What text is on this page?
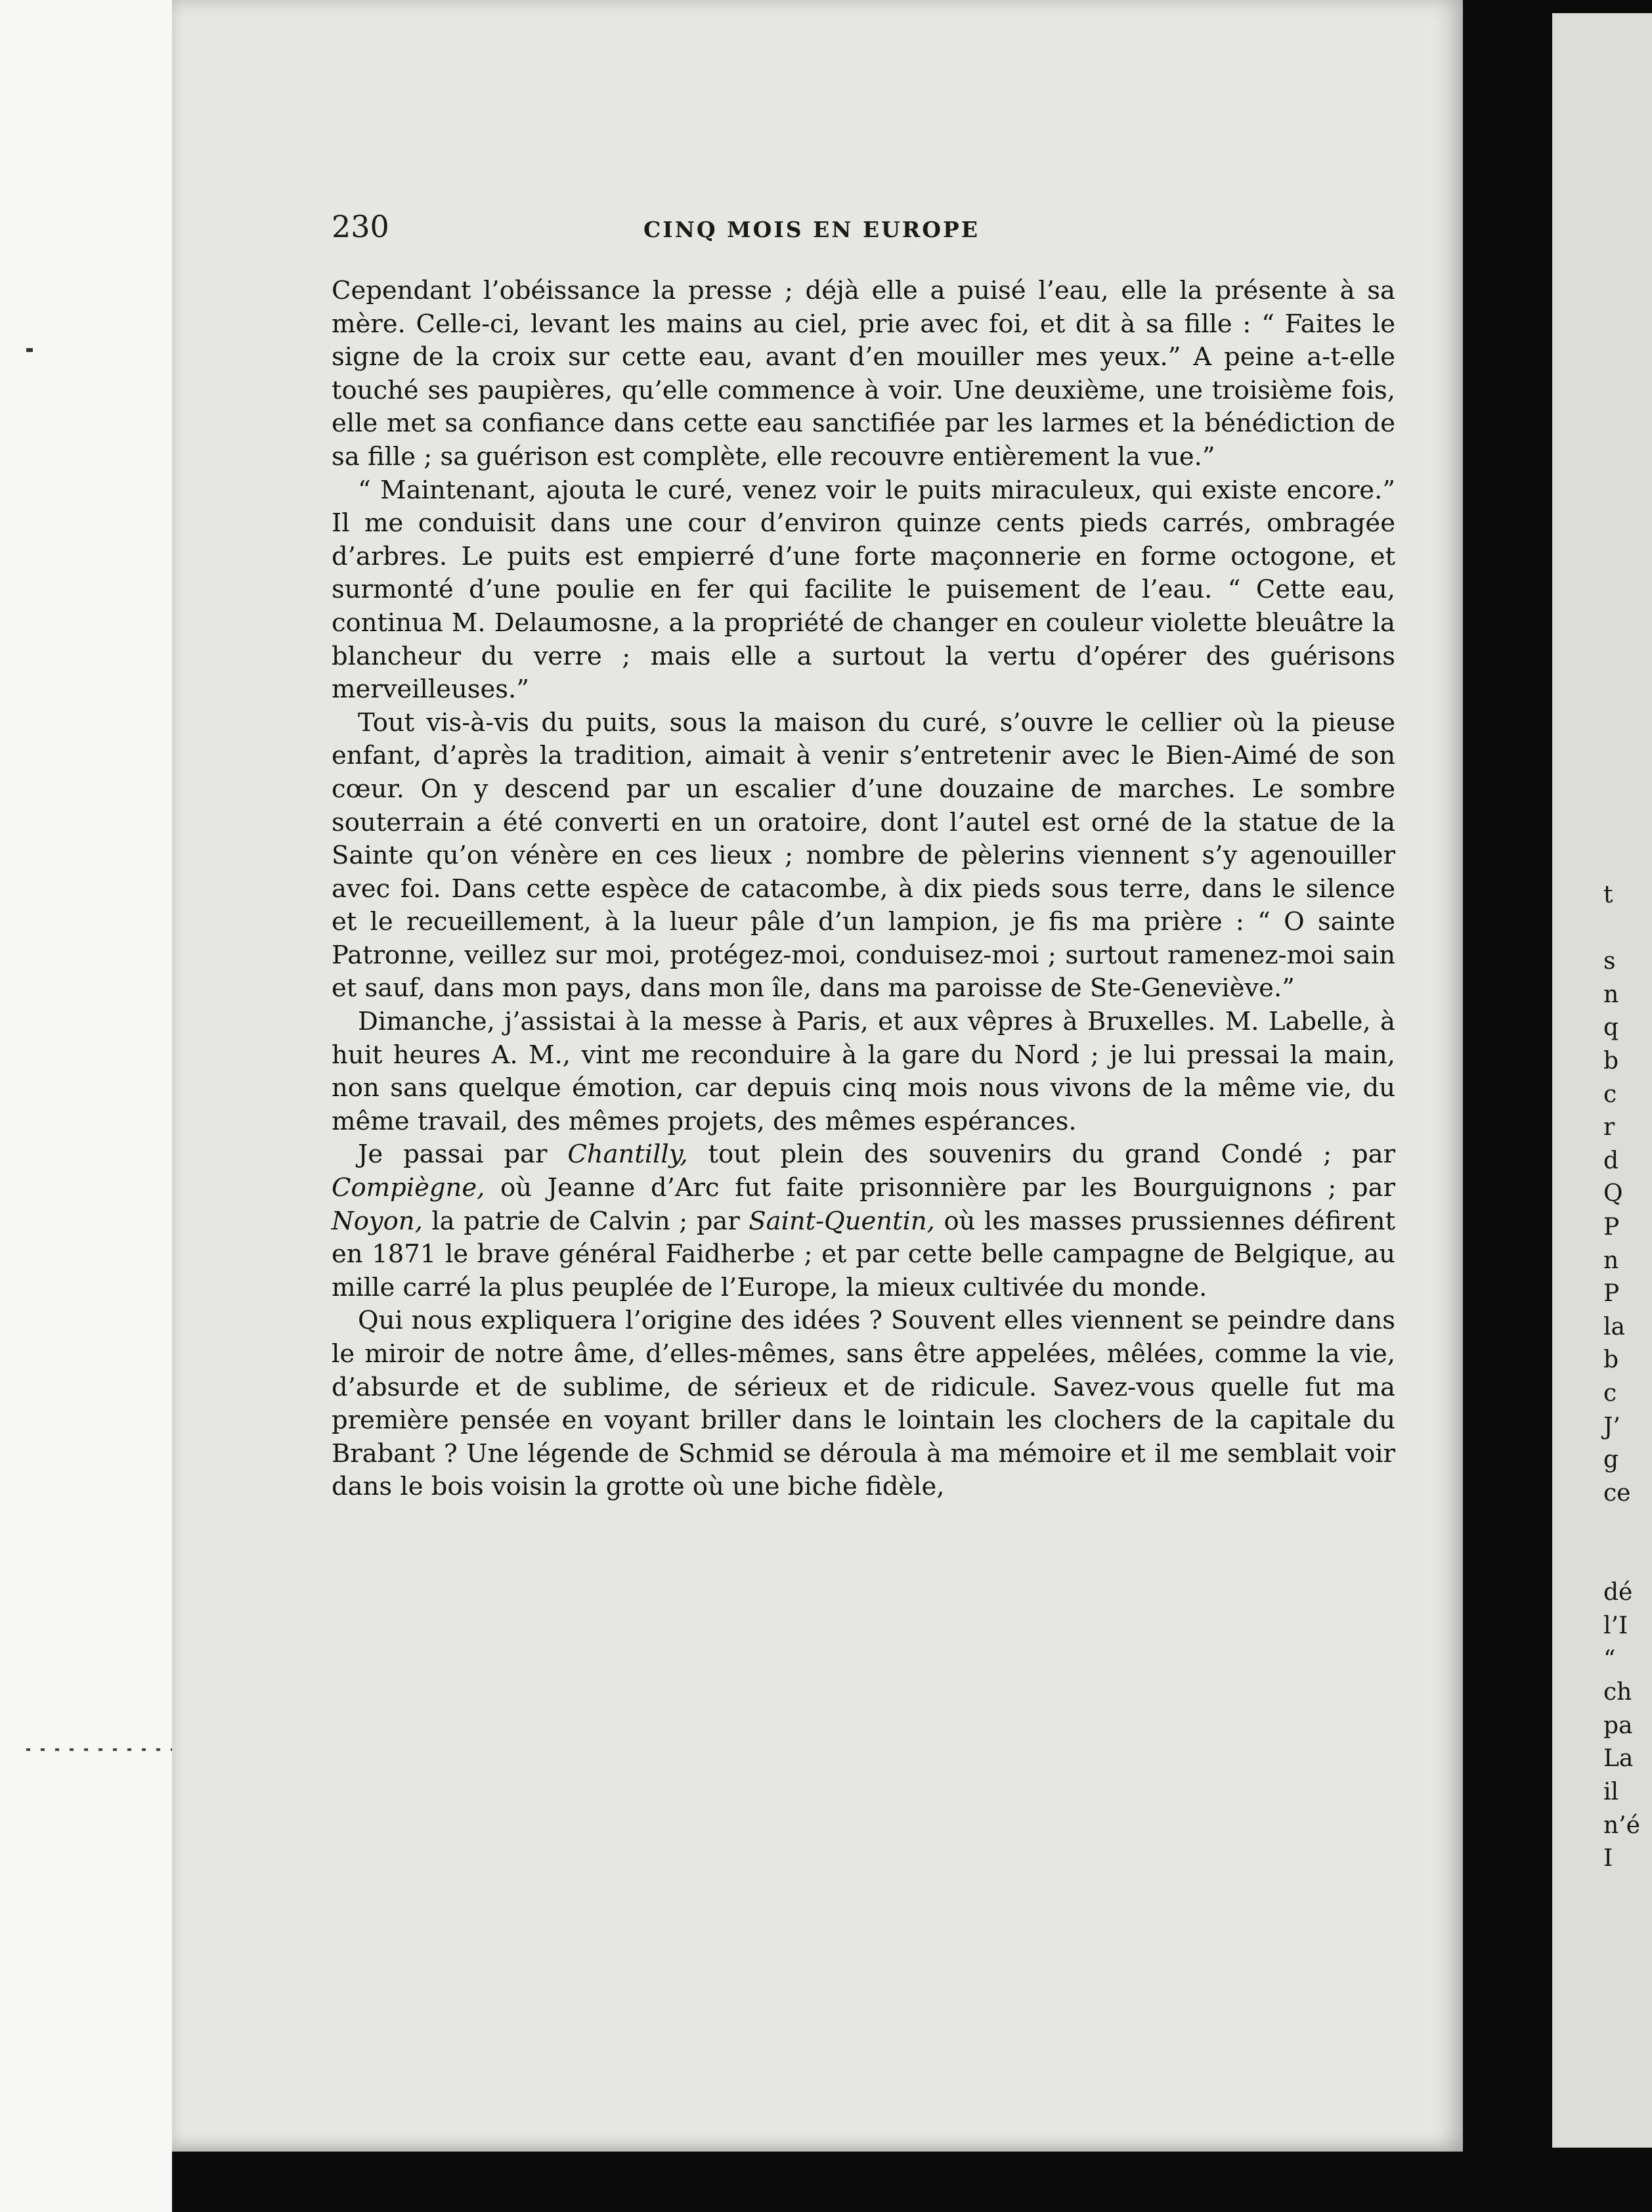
230	CINQ MOIS EN EUROPE

Cependant l’obéissance la presse ; déjà elle a puisé l’eau, elle la présente à sa mère. Celle-ci, levant les mains au ciel, prie avec foi, et dit à sa fille : “ Faites le signe de la croix sur cette eau, avant d’en mouiller mes yeux.” A peine a-t-elle touché ses paupières, qu’elle commence à voir. Une deuxième, une troisième fois, elle met sa confiance dans cette eau sanctifiée par les larmes et la bénédiction de sa fille ; sa guérison est complète, elle recouvre entièrement la vue.”

“ Maintenant, ajouta le curé, venez voir le puits miraculeux, qui existe encore.” Il me conduisit dans une cour d’environ quinze cents pieds carrés, ombragée d’arbres. Le puits est empierré d’une forte maçonnerie en forme octogone, et surmonté d’une poulie en fer qui facilite le puisement de l’eau. “ Cette eau, continua M. Delaumosne, a la propriété de changer en couleur violette bleuâtre la blancheur du verre ; mais elle a surtout la vertu d’opérer des guérisons merveilleuses.”

Tout vis-à-vis du puits, sous la maison du curé, s’ouvre le cellier où la pieuse enfant, d’après la tradition, aimait à venir s’entretenir avec le Bien-Aimé de son cœur. On y descend par un escalier d’une douzaine de marches. Le sombre souterrain a été converti en un oratoire, dont l’autel est orné de la statue de la Sainte qu’on vénère en ces lieux ; nombre de pèlerins viennent s’y agenouiller avec foi. Dans cette espèce de catacombe, à dix pieds sous terre, dans le silence et le recueillement, à la lueur pâle d’un lampion, je fis ma prière : “ O sainte Patronne, veillez sur moi, protégez-moi, conduisez-moi ; surtout ramenez-moi sain et sauf, dans mon pays, dans mon île, dans ma paroisse de Ste-Geneviève.”

Dimanche, j’assistai à la messe à Paris, et aux vêpres à Bruxelles. M. Labelle, à huit heures A. M., vint me reconduire à la gare du Nord ; je lui pressai la main, non sans quelque émotion, car depuis cinq mois nous vivons de la même vie, du même travail, des mêmes projets, des mêmes espérances.

Je passai par Chantilly, tout plein des souvenirs du grand Condé ; par Compiègne, où Jeanne d’Arc fut faite prisonnière par les Bourguignons ; par Noyon, la patrie de Calvin ; par Saint-Quentin, où les masses prussiennes défirent en 1871 le brave général Faidherbe ; et par cette belle campagne de Belgique, au mille carré la plus peuplée de l’Europe, la mieux cultivée du monde.

Qui nous expliquera l’origine des idées ? Souvent elles viennent se peindre dans le miroir de notre âme, d’elles-mêmes, sans être appelées, mêlées, comme la vie, d’absurde et de sublime, de sérieux et de ridicule. Savez-vous quelle fut ma première pensée en voyant briller dans le lointain les clochers de la capitale du Brabant ? Une légende de Schmid se déroula à ma mémoire et il me semblait voir dans le bois voisin la grotte où une biche fidèle,

t

s
n
q
b
c
r
d
Q
P
n
P
la
b
c
J’
g
ce

dé
l’I
“
ch
pa
La
il
n’é
I
